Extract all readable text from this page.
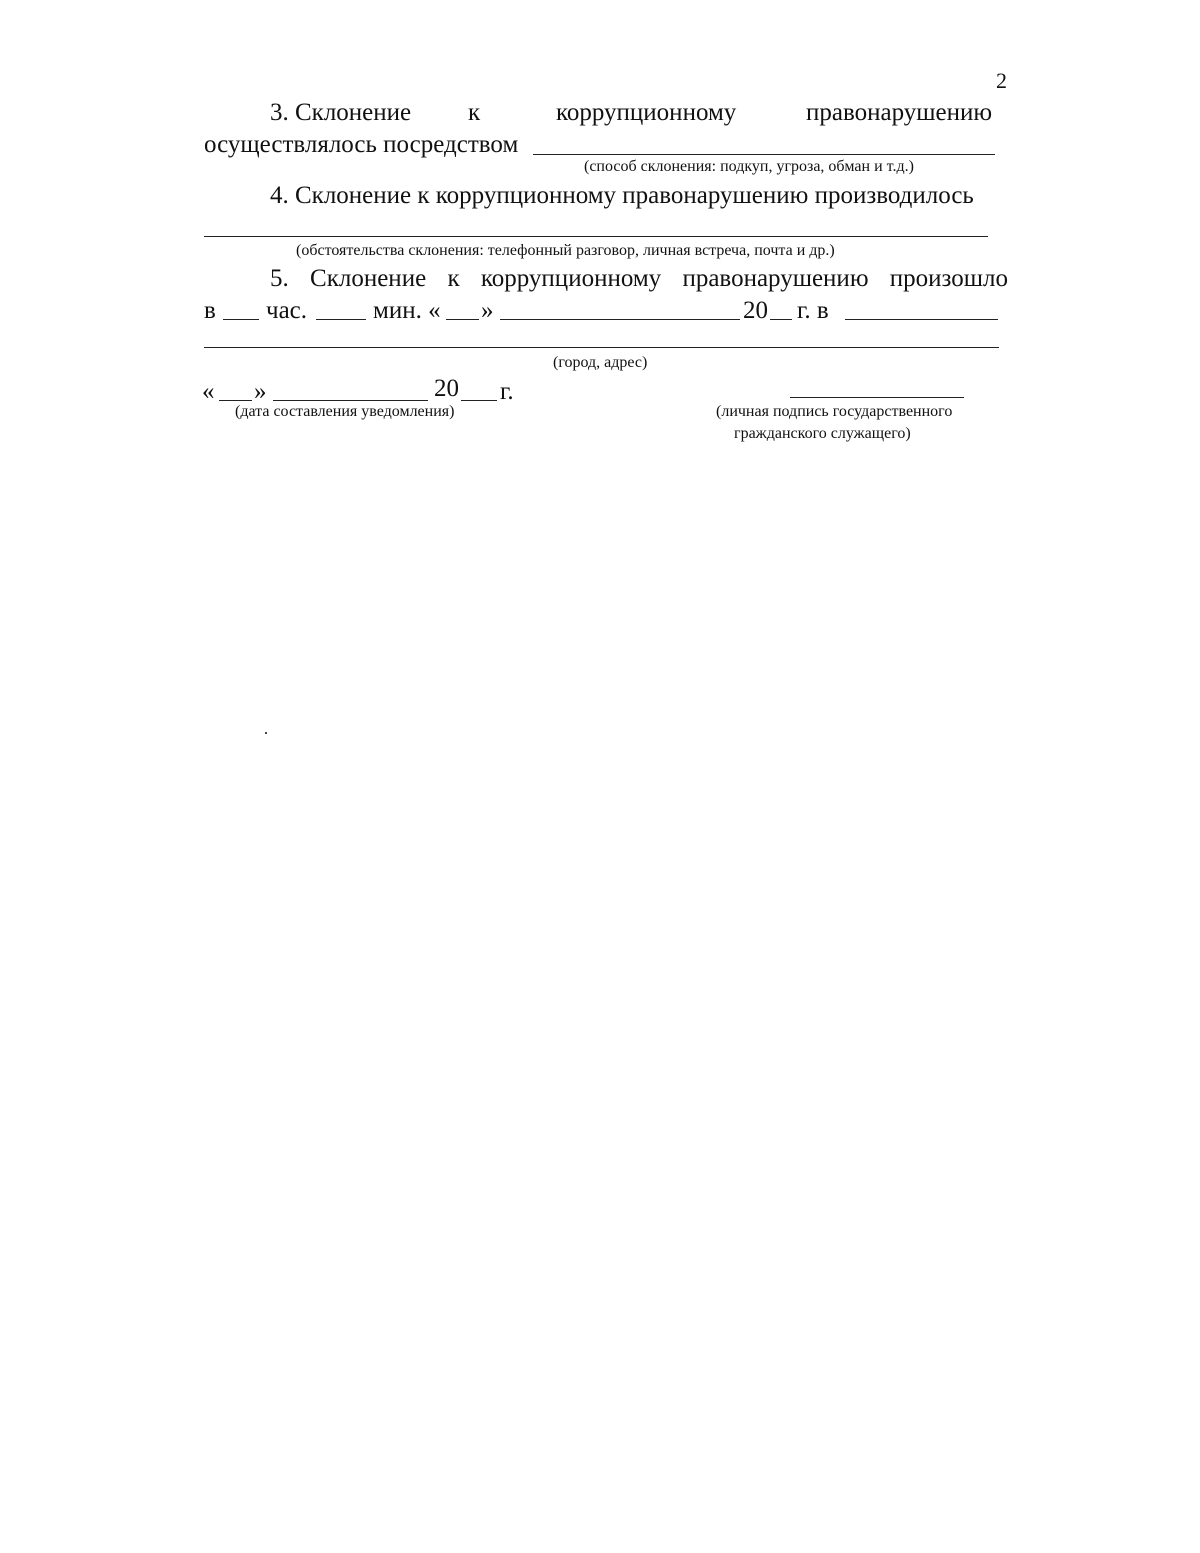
2
3. Склонение к	коррупционному	правонарушению
осуществлялось посредством
(способ склонения: подкуп, угроза, обман и т.д.)
4. Склонение к коррупционному правонарушению производилось
(обстоятельства склонения: телефонный разговор, личная встреча, почта и др.)
5. Склонение к коррупционному правонарушению произошло
в час.	мин. « »	20 г. в
(город, адрес)
« »	20 г.
(дата составления уведомления)	(личная подпись государственного
гражданского служащего)
